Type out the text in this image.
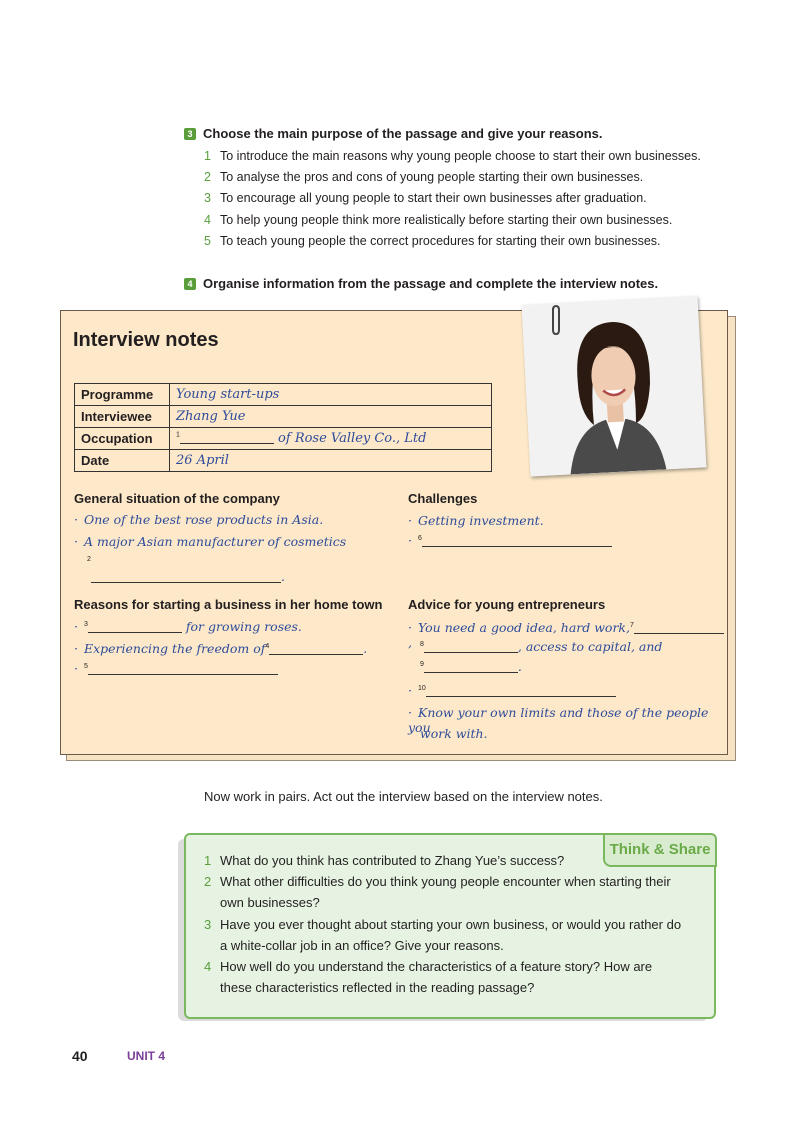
3 Choose the main purpose of the passage and give your reasons.
1 To introduce the main reasons why young people choose to start their own businesses.
2 To analyse the pros and cons of young people starting their own businesses.
3 To encourage all young people to start their own businesses after graduation.
4 To help young people think more realistically before starting their own businesses.
5 To teach young people the correct procedures for starting their own businesses.
4 Organise information from the passage and complete the interview notes.
Interview notes
Programme	Young start-ups
Interviewee	Zhang Yue
Occupation	$^1$ of Rose Valley Co., Ltd
Date	26 April
General situation of the company
· One of the best rose products in Asia.
· A major Asian manufacturer of cosmetics
$^2$
.
Challenges
· Getting investment.
· $^6$
Reasons for starting a business in her home town
· $^3$	for growing roses.
· Experiencing the freedom $of^4$	.
· $^5$
Advice for young entrepreneurs
· You need a good idea, hard work,$^7$,	$^8$	, access to capital, and
$^9$	.
· $^{10}$
· Know your own limits and those of the people you
work with.
Now work in pairs. Act out the interview based on the interview notes.
Think & Share
1 What do you think has contributed to Zhang Yue’s success?
2 What other difficulties do you think young people encounter when starting their
own businesses?
3 Have you ever thought about starting your own business, or would you rather do
a white-collar job in an office? Give your reasons.
4 How well do you understand the characteristics of a feature story? How are
these characteristics reflected in the reading passage?
40	UNIT 4
